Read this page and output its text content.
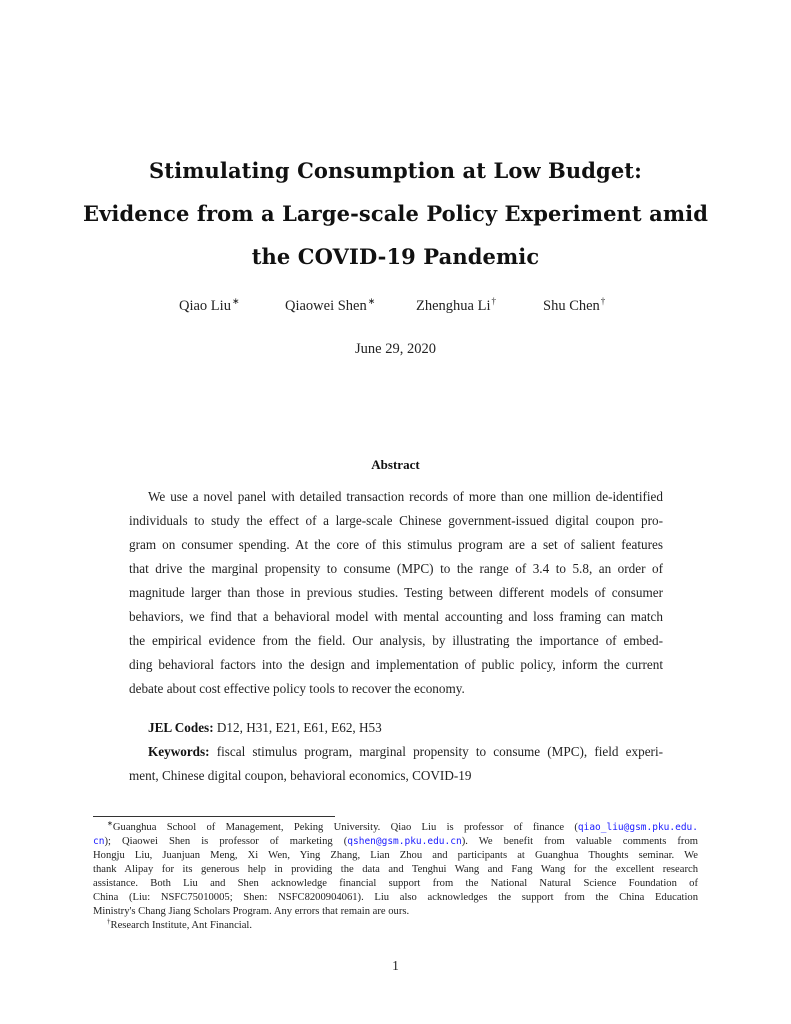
Stimulating Consumption at Low Budget:
Evidence from a Large-scale Policy Experiment amid
the COVID-19 Pandemic
Qiao Liu∗	Qiaowei Shen∗	Zhenghua Li†	Shu Chen†
June 29, 2020
Abstract
We use a novel panel with detailed transaction records of more than one million de-identified
individuals to study the effect of a large-scale Chinese government-issued digital coupon pro-
gram on consumer spending. At the core of this stimulus program are a set of salient features
that drive the marginal propensity to consume (MPC) to the range of 3.4 to 5.8, an order of
magnitude larger than those in previous studies. Testing between different models of consumer
behaviors, we find that a behavioral model with mental accounting and loss framing can match
the empirical evidence from the field. Our analysis, by illustrating the importance of embed-
ding behavioral factors into the design and implementation of public policy, inform the current
debate about cost effective policy tools to recover the economy.
JEL Codes: D12, H31, E21, E61, E62, H53
Keywords: fiscal stimulus program, marginal propensity to consume (MPC), field experi-
ment, Chinese digital coupon, behavioral economics, COVID-19
∗Guanghua School of Management, Peking University. Qiao Liu is professor of finance (qiao_liu@gsm.pku.edu.
cn); Qiaowei Shen is professor of marketing (qshen@gsm.pku.edu.cn). We benefit from valuable comments from
Hongju Liu, Juanjuan Meng, Xi Wen, Ying Zhang, Lian Zhou and participants at Guanghua Thoughts seminar. We
thank Alipay for its generous help in providing the data and Tenghui Wang and Fang Wang for the excellent research
assistance. Both Liu and Shen acknowledge financial support from the National Natural Science Foundation of
China (Liu: NSFC75010005; Shen: NSFC8200904061). Liu also acknowledges the support from the China Education
Ministry's Chang Jiang Scholars Program. Any errors that remain are ours.
†Research Institute, Ant Financial.
1
